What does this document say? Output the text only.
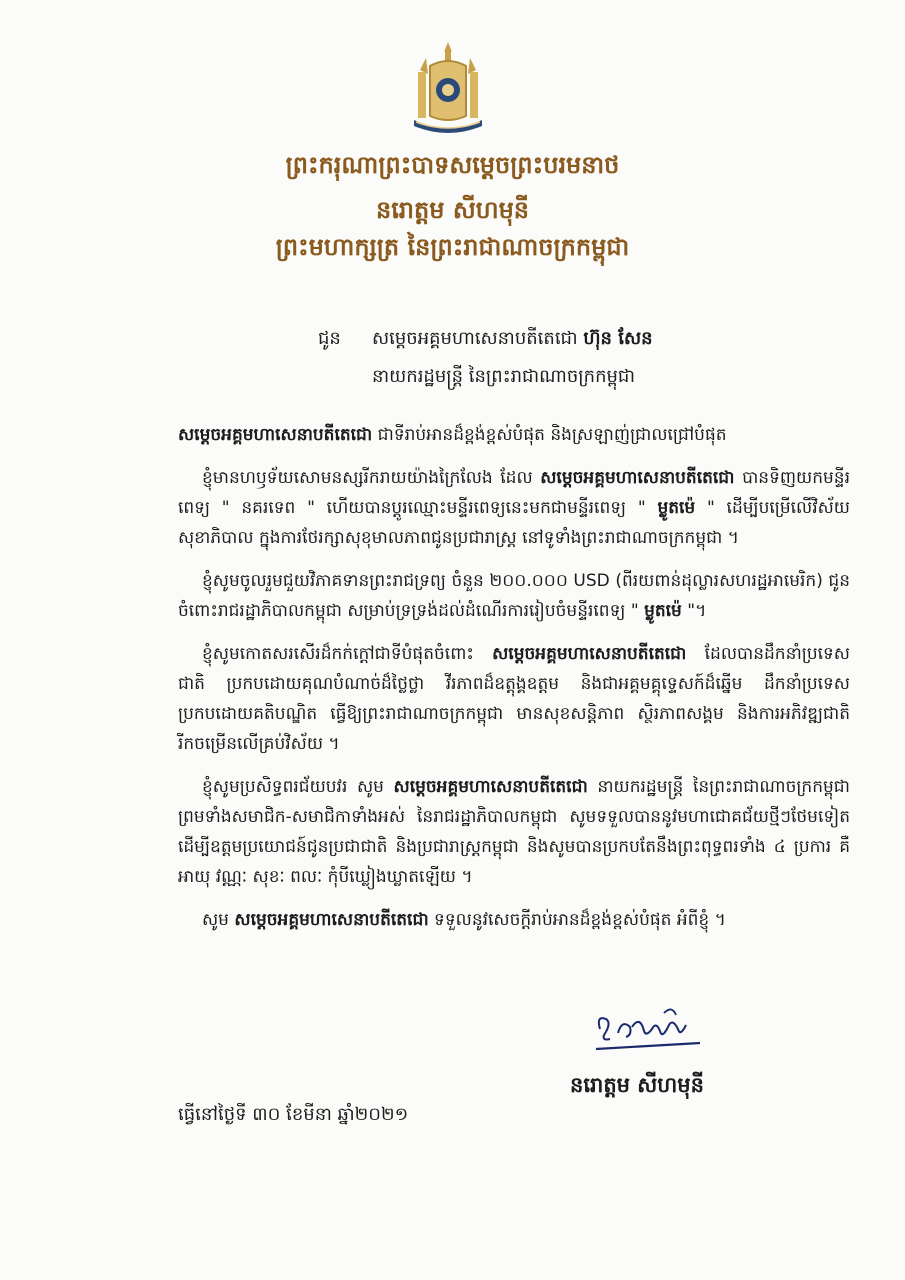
ព្រះករុណាព្រះបាទសម្តេចព្រះបរមនាថ
នរោត្តម សីហមុនី
ព្រះមហាក្សត្រ នៃព្រះរាជាណាចក្រកម្ពុជា
ជូន សម្តេចអគ្គមហាសេនាបតីតេជោ ហ៊ុន សែន
នាយករដ្ឋមន្ត្រី នៃព្រះរាជាណាចក្រកម្ពុជា

សម្តេចអគ្គមហាសេនាបតីតេជោ ជាទីរាប់អានដ៏ខ្ពង់ខ្ពស់បំផុត និងស្រឡាញ់ជ្រាលជ្រៅបំផុត

ខ្ញុំមានហឫទ័យសោមនស្សរីករាយយ៉ាងក្រៃលែង ដែល សម្តេចអគ្គមហាសេនាបតីតេជោ បានទិញយកមន្ទីរពេទ្យ " នគរទេព " ហើយបានប្តូរឈ្មោះមន្ទីរពេទ្យនេះមកជាមន្ទីរពេទ្យ " ម្លូតម៉េ " ដើម្បីបម្រើលើវិស័យសុខាភិបាល ក្នុងការថែរក្សាសុខុមាលភាពជូនប្រជារាស្ត្រ នៅទូទាំងព្រះរាជាណាចក្រកម្ពុជា ។

ខ្ញុំសូមចូលរួមជួយវិភាគទានព្រះរាជទ្រព្យ ចំនួន ២០០.០០០ USD (ពីរយពាន់ដុល្លារសហរដ្ឋអាមេរិក) ជូនចំពោះរាជរដ្ឋាភិបាលកម្ពុជា សម្រាប់ទ្រទ្រង់ដល់ដំណើរការរៀបចំមន្ទីរពេទ្យ " ម្លូតម៉េ "។

ខ្ញុំសូមកោតសរសើរដ៏កក់ក្តៅជាទីបំផុតចំពោះ សម្តេចអគ្គមហាសេនាបតីតេជោ ដែលបានដឹកនាំប្រទេសជាតិ ប្រកបដោយគុណបំណាច់ដ៏ថ្លៃថ្លា វីរភាពដ៏ឧត្តុង្គឧត្តម និងជាអគ្គមគ្គុទ្ទេសក៍ដ៏ឆ្នើម ដឹកនាំប្រទេសប្រកបដោយគតិបណ្ឌិត ធ្វើឱ្យព្រះរាជាណាចក្រកម្ពុជា មានសុខសន្តិភាព ស្ថិរភាពសង្គម និងការអភិវឌ្ឍជាតិ រីកចម្រើនលើគ្រប់វិស័យ ។

ខ្ញុំសូមប្រសិទ្ធពរជ័យបវរ សូម សម្តេចអគ្គមហាសេនាបតីតេជោ នាយករដ្ឋមន្ត្រី នៃព្រះរាជាណាចក្រកម្ពុជា ព្រមទាំងសមាជិក-សមាជិកាទាំងអស់ នៃរាជរដ្ឋាភិបាលកម្ពុជា សូមទទួលបាននូវមហាជោគជ័យថ្មីៗថែមទៀត ដើម្បីឧត្តមប្រយោជន៍ជូនប្រជាជាតិ និងប្រជារាស្ត្រកម្ពុជា និងសូមបានប្រកបតែនឹងព្រះពុទ្ធពរទាំង ៤ ប្រការ គឺ អាយុ វណ្ណៈ សុខៈ ពលៈ កុំបីឃ្លៀងឃ្លាតឡើយ ។

សូម សម្តេចអគ្គមហាសេនាបតីតេជោ ទទួលនូវសេចក្តីរាប់អានដ៏ខ្ពង់ខ្ពស់បំផុត អំពីខ្ញុំ ។

នរោត្តម សីហមុនី
ធ្វើនៅថ្ងៃទី ៣០ ខែមីនា ឆ្នាំ២០២១
